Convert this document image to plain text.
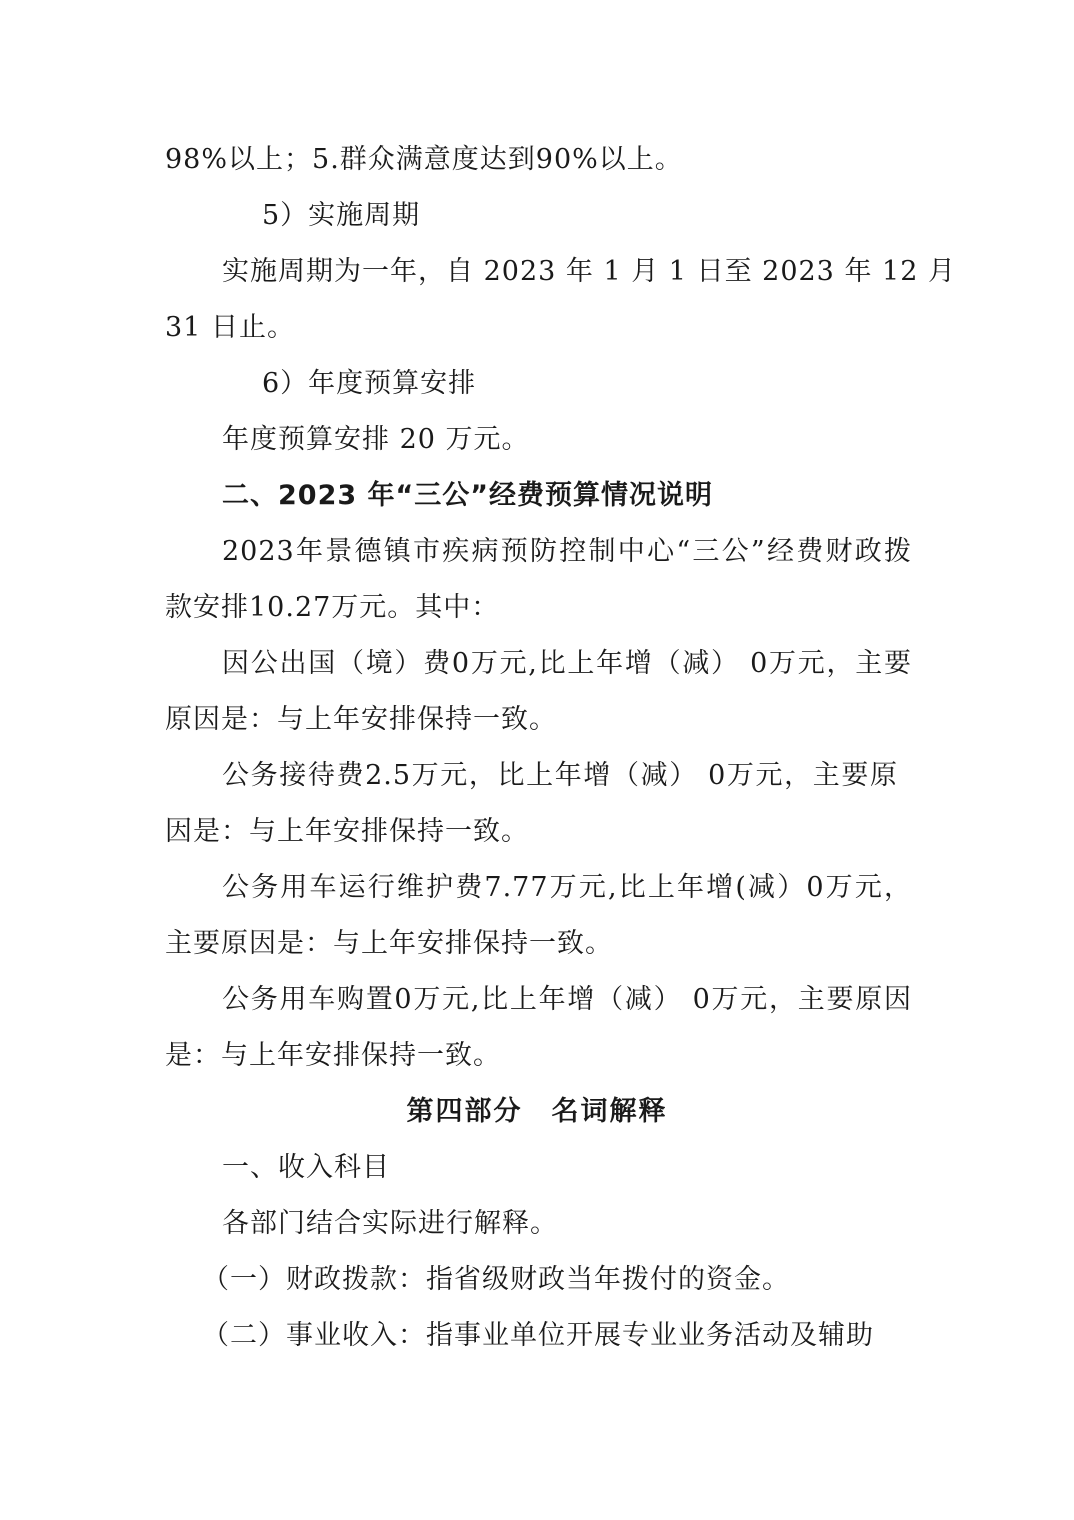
98%以上；5.群众满意度达到90%以上。
5）实施周期
实施周期为一年，自 2023 年 1 月 1 日至 2023 年 12 月
31 日止。
6）年度预算安排
年度预算安排 20 万元。
二、2023 年“三公”经费预算情况说明
2023年景德镇市疾病预防控制中心“三公”经费财政拨
款安排10.27万元。其中：
因公出国（境）费0万元,比上年增（减） 0万元，主要
原因是：与上年安排保持一致。
公务接待费2.5万元，比上年增（减） 0万元，主要原
因是：与上年安排保持一致。
公务用车运行维护费7.77万元,比上年增(减）0万元，
主要原因是：与上年安排保持一致。
公务用车购置0万元,比上年增（减） 0万元，主要原因
是：与上年安排保持一致。
第四部分　名词解释
一、收入科目
各部门结合实际进行解释。
（一）财政拨款：指省级财政当年拨付的资金。
（二）事业收入：指事业单位开展专业业务活动及辅助
